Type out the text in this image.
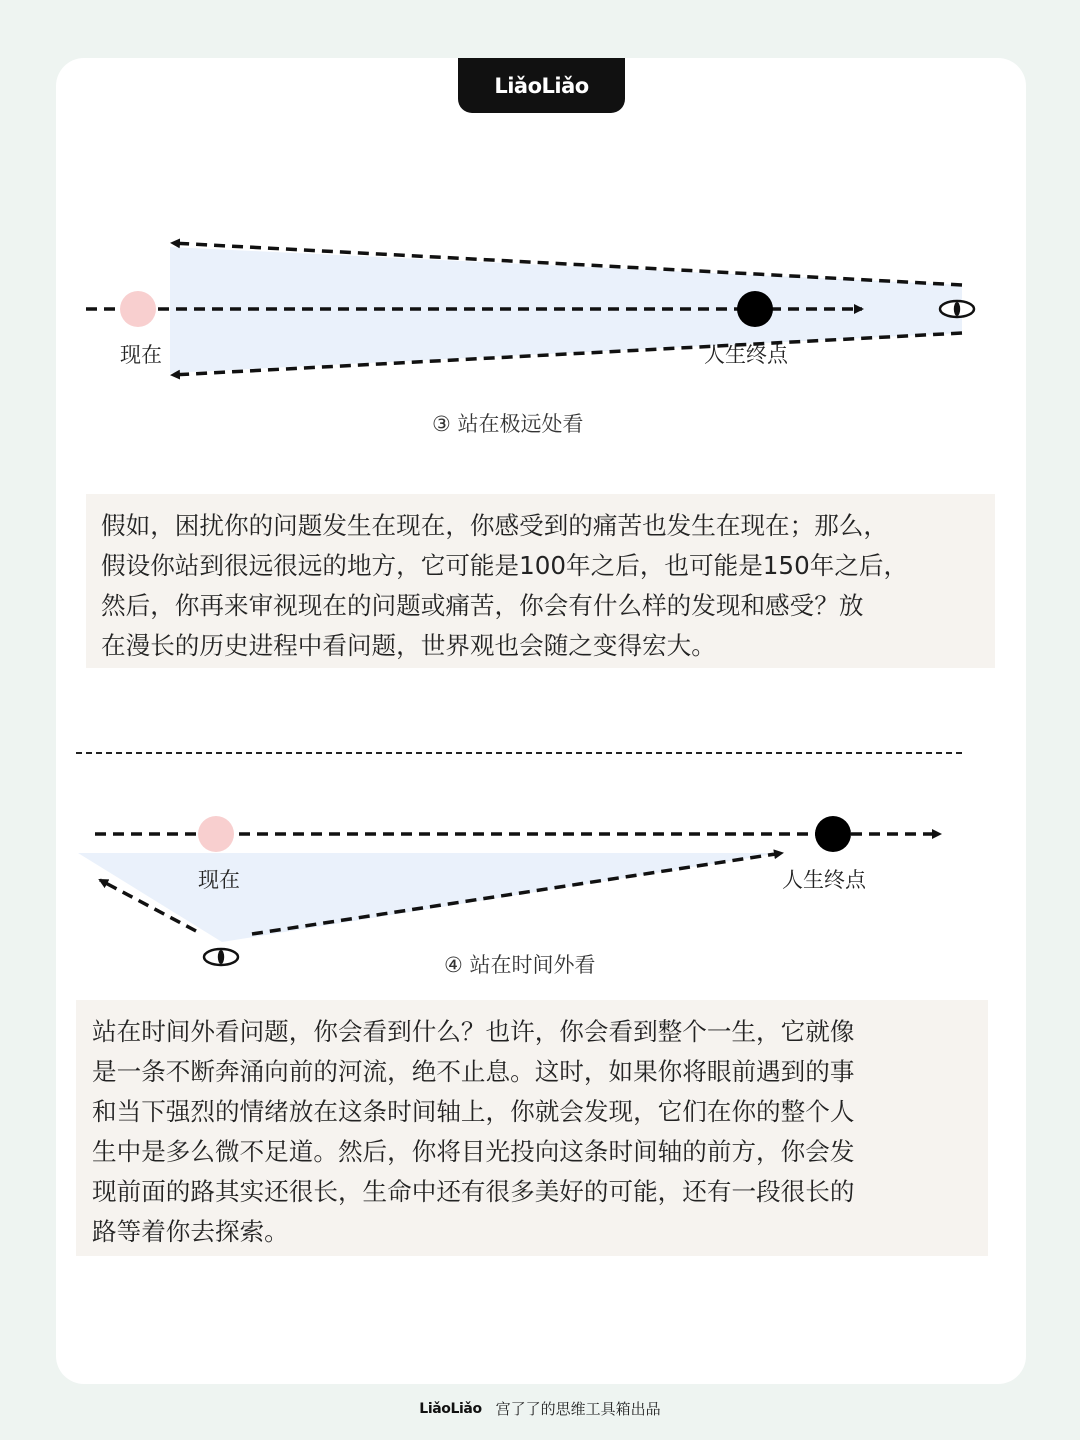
LiǎoLiǎo
现在	人生终点
③ 站在极远处看
假如，困扰你的问题发生在现在，你感受到的痛苦也发生在现在；那么，
假设你站到很远很远的地方，它可能是100年之后，也可能是150年之后，
然后，你再来审视现在的问题或痛苦，你会有什么样的发现和感受？放
在漫长的历史进程中看问题，世界观也会随之变得宏大。
现在	人生终点
④ 站在时间外看
站在时间外看问题，你会看到什么？也许，你会看到整个一生，它就像
是一条不断奔涌向前的河流，绝不止息。这时，如果你将眼前遇到的事
和当下强烈的情绪放在这条时间轴上，你就会发现，它们在你的整个人
生中是多么微不足道。然后，你将目光投向这条时间轴的前方，你会发
现前面的路其实还很长，生命中还有很多美好的可能，还有一段很长的
路等着你去探索。
LiǎoLiǎo 宫了了的思维工具箱出品
